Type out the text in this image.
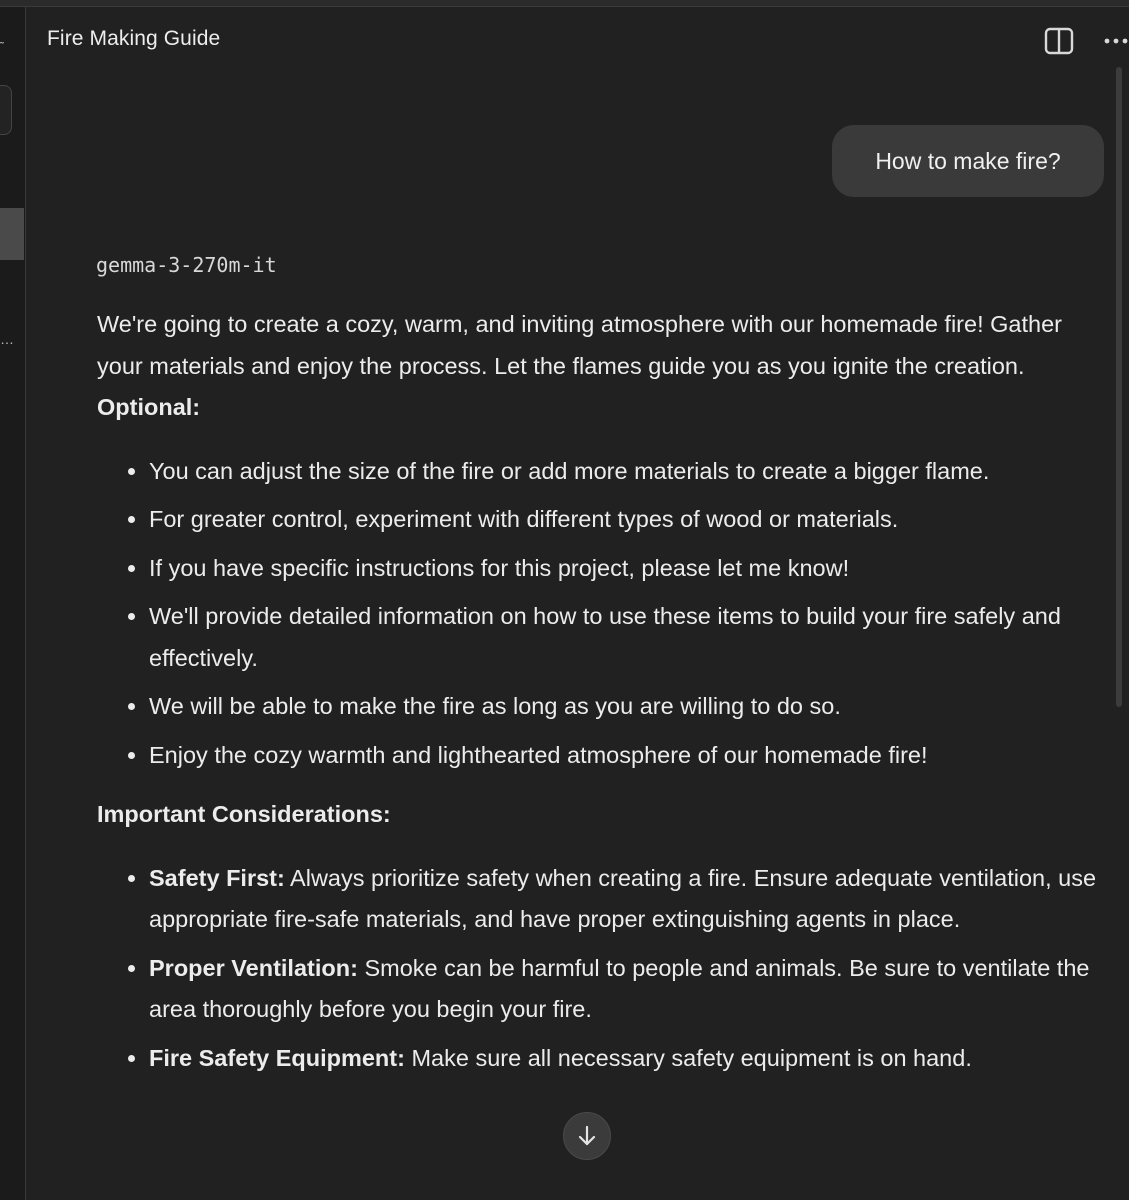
˷
…
Fire Making Guide
How to make fire?
gemma-3-270m-it

We're going to create a cozy, warm, and inviting atmosphere with our homemade fire! Gather your materials and enjoy the process. Let the flames guide you as you ignite the creation.

Optional:

• You can adjust the size of the fire or add more materials to create a bigger flame.
• For greater control, experiment with different types of wood or materials.
• If you have specific instructions for this project, please let me know!
• We'll provide detailed information on how to use these items to build your fire safely and effectively.
• We will be able to make the fire as long as you are willing to do so.
• Enjoy the cozy warmth and lighthearted atmosphere of our homemade fire!

Important Considerations:

• Safety First: Always prioritize safety when creating a fire. Ensure adequate ventilation, use appropriate fire-safe materials, and have proper extinguishing agents in place.
• Proper Ventilation: Smoke can be harmful to people and animals. Be sure to ventilate the area thoroughly before you begin your fire.
• Fire Safety Equipment: Make sure all necessary safety equipment is on hand.
